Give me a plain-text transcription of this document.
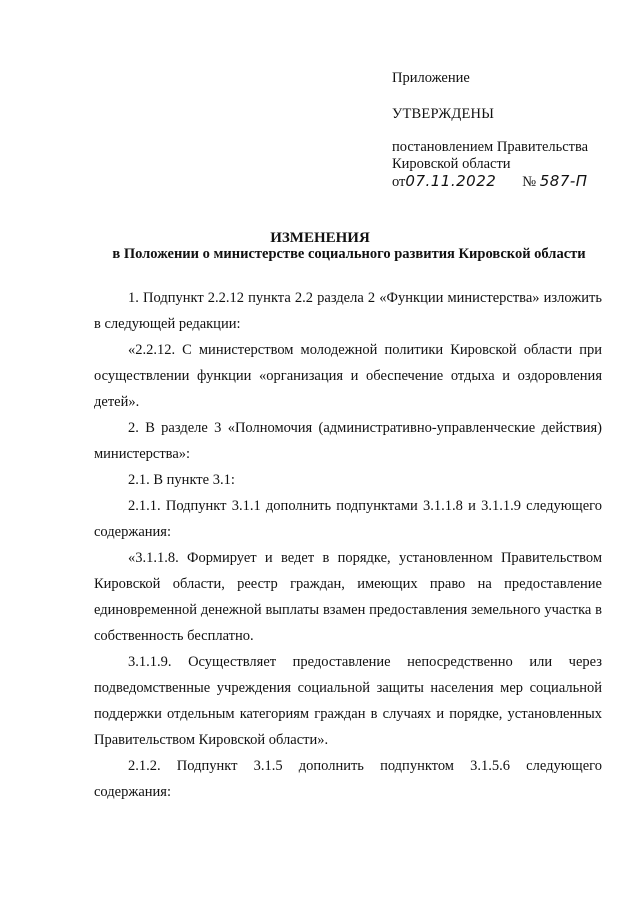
Приложение
УТВЕРЖДЕНЫ
постановлением Правительства
Кировской области
от07.11.2022 № 587-П
ИЗМЕНЕНИЯ
в Положении о министерстве социального развития Кировской области

1. Подпункт 2.2.12 пункта 2.2 раздела 2 «Функции министерства» изложить в следующей редакции:

«2.2.12. С министерством молодежной политики Кировской области при осуществлении функции «организация и обеспечение отдыха и оздоровления детей».

2. В разделе 3 «Полномочия (административно-управленческие действия) министерства»:

2.1. В пункте 3.1:

2.1.1. Подпункт 3.1.1 дополнить подпунктами 3.1.1.8 и 3.1.1.9 следующего содержания:

«3.1.1.8. Формирует и ведет в порядке, установленном Правительством Кировской области, реестр граждан, имеющих право на предоставление единовременной денежной выплаты взамен предоставления земельного участка в собственность бесплатно.

3.1.1.9. Осуществляет предоставление непосредственно или через подведомственные учреждения социальной защиты населения мер социальной поддержки отдельным категориям граждан в случаях и порядке, установленных Правительством Кировской области».

2.1.2. Подпункт 3.1.5 дополнить подпунктом 3.1.5.6 следующего содержания:
